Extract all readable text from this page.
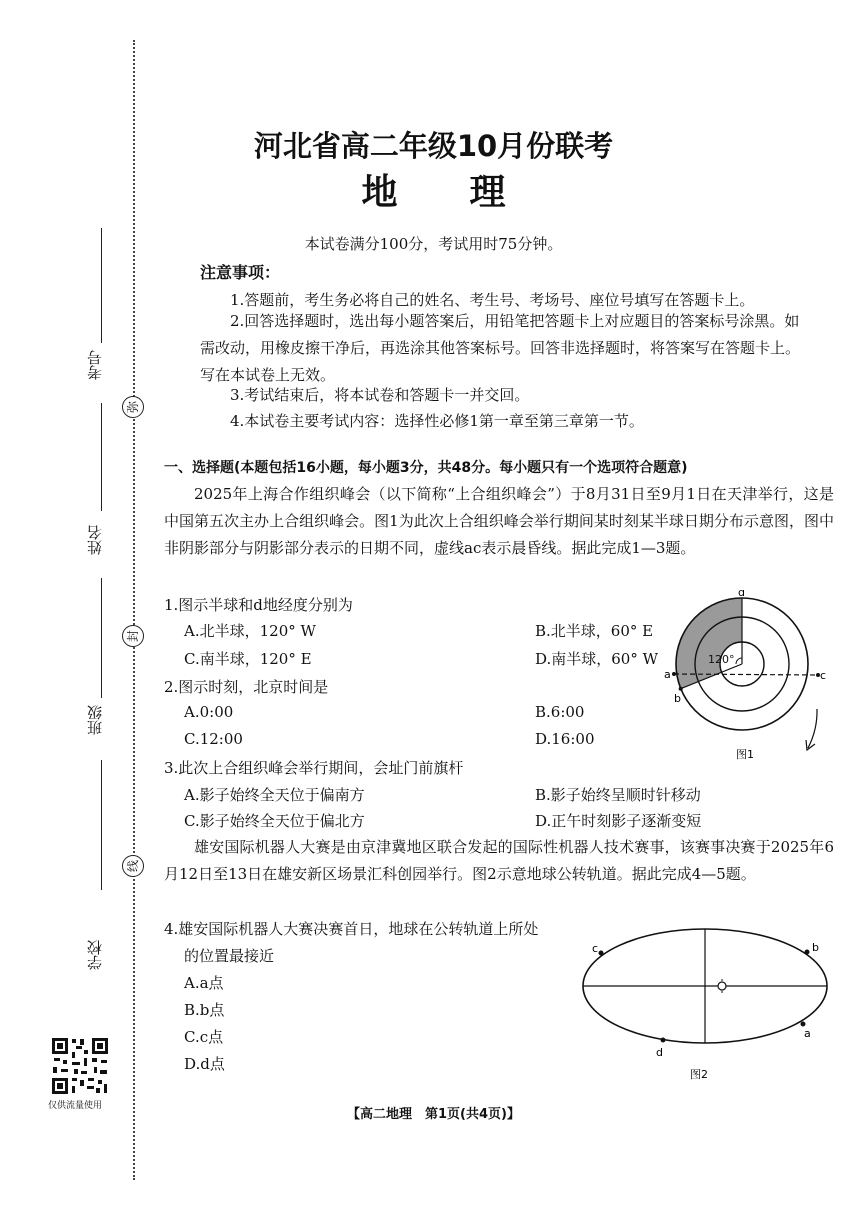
考号
姓名
班级
学校
弥
封
线
仅供流量使用
河北省高二年级10月份联考
地　　理
本试卷满分100分，考试用时75分钟。
注意事项：
1.答题前，考生务必将自己的姓名、考生号、考场号、座位号填写在答题卡上。
2.回答选择题时，选出每小题答案后，用铅笔把答题卡上对应题目的答案标号涂黑。如需改动，用橡皮擦干净后，再选涂其他答案标号。回答非选择题时，将答案写在答题卡上。写在本试卷上无效。
3.考试结束后，将本试卷和答题卡一并交回。
4.本试卷主要考试内容：选择性必修1第一章至第三章第一节。
一、选择题(本题包括16小题，每小题3分，共48分。每小题只有一个选项符合题意)
2025年上海合作组织峰会（以下简称“上合组织峰会”）于8月31日至9月1日在天津举行，这是中国第五次主办上合组织峰会。图1为此次上合组织峰会举行期间某时刻某半球日期分布示意图，图中非阴影部分与阴影部分表示的日期不同，虚线ac表示晨昏线。据此完成1—3题。
1.图示半球和d地经度分别为
A.北半球，120° W	B.北半球，60° E
C.南半球，120° E	D.南半球，60° W
2.图示时刻，北京时间是
A.0:00	B.6:00
C.12:00	D.16:00
3.此次上合组织峰会举行期间，会址门前旗杆
A.影子始终全天位于偏南方	B.影子始终呈顺时针移动
C.影子始终全天位于偏北方	D.正午时刻影子逐渐变短
d
a	c
b
120°
图1
雄安国际机器人大赛是由京津冀地区联合发起的国际性机器人技术赛事，该赛事决赛于2025年6月12日至13日在雄安新区场景汇科创园举行。图2示意地球公转轨道。据此完成4—5题。
4.雄安国际机器人大赛决赛首日，地球在公转轨道上所处
的位置最接近
A.a点
B.b点
C.c点
D.d点
c	b
a
d
图2
【高二地理　第1页(共4页)】
